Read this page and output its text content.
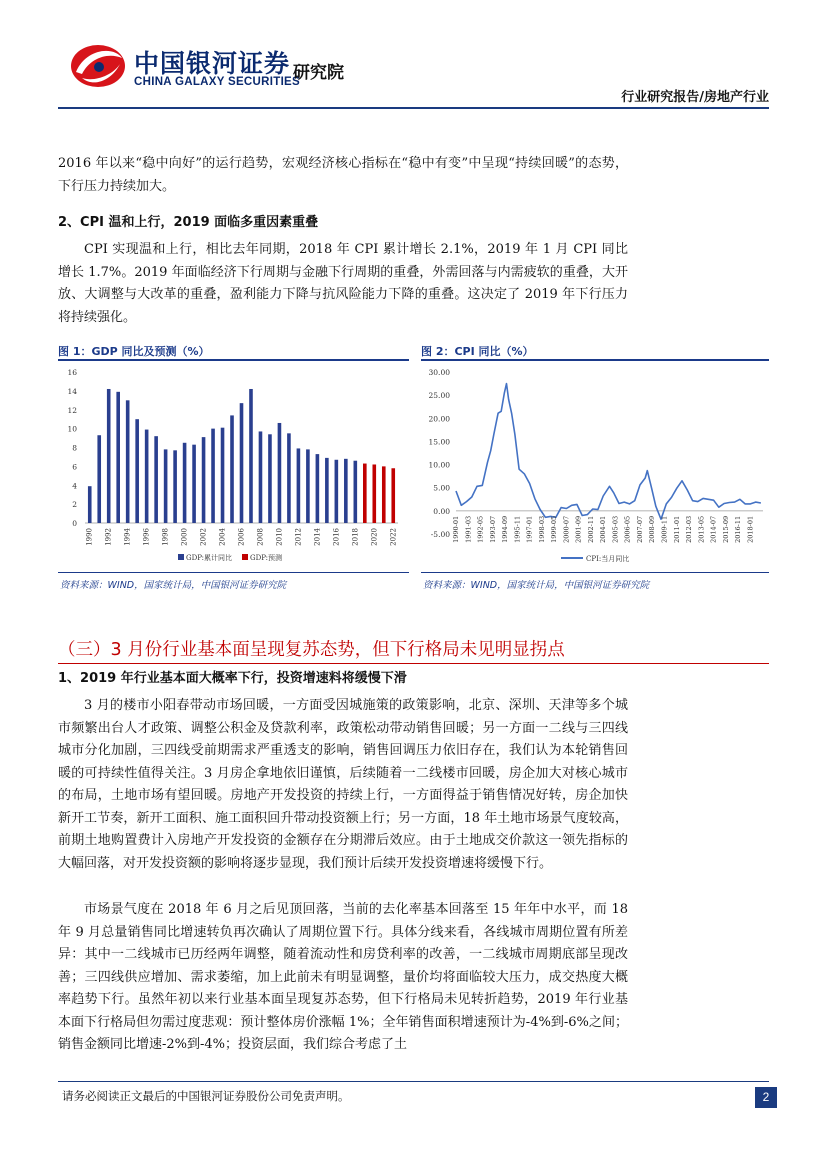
中国银河证券
CHINA GALAXY SECURITIES
研究院
行业研究报告/房地产行业
2016 年以来“稳中向好”的运行趋势，宏观经济核心指标在“稳中有变”中呈现“持续回暖”的态势，下行压力持续加大。
2、CPI 温和上行，2019 面临多重因素重叠
CPI 实现温和上行，相比去年同期，2018 年 CPI 累计增长 2.1%，2019 年 1 月 CPI 同比增长 1.7%。2019 年面临经济下行周期与金融下行周期的重叠，外需回落与内需疲软的重叠，大开放、大调整与大改革的重叠，盈利能力下降与抗风险能力下降的重叠。这决定了 2019 年下行压力将持续强化。
图 1：GDP 同比及预测（%）
0
2
4
6
8
10
12
14
16
1990 1992 1994 1996 1998 2000 2002 2004 2006 2008 2010 2012 2014 2016 2018 2020 2022
GDP:累计同比	GDP:预测
资料来源：WIND，国家统计局，中国银河证券研究院
图 2：CPI 同比（%）
-5.00
0.00
5.00
10.00
15.00
20.00
25.00
30.00
1990-01 1991-03 1992-05 1993-07 1994-09 1995-11 1997-01 1998-03 1999-05 2000-07 2001-09 2002-11 2004-01 2005-03 2006-05 2007-07 2008-09 2009-11 2011-01 2012-03 2013-05 2014-07 2015-09 2016-11 2018-01
CPI:当月同比
资料来源：WIND，国家统计局，中国银河证券研究院
（三）3 月份行业基本面呈现复苏态势，但下行格局未见明显拐点
1、2019 年行业基本面大概率下行，投资增速料将缓慢下滑
3 月的楼市小阳春带动市场回暖，一方面受因城施策的政策影响，北京、深圳、天津等多个城市频繁出台人才政策、调整公积金及贷款利率，政策松动带动销售回暖；另一方面一二线与三四线城市分化加剧，三四线受前期需求严重透支的影响，销售回调压力依旧存在，我们认为本轮销售回暖的可持续性值得关注。3 月房企拿地依旧谨慎，后续随着一二线楼市回暖，房企加大对核心城市的布局，土地市场有望回暖。房地产开发投资的持续上行，一方面得益于销售情况好转，房企加快新开工节奏，新开工面积、施工面积回升带动投资额上行；另一方面，18 年土地市场景气度较高，前期土地购置费计入房地产开发投资的金额存在分期滞后效应。由于土地成交价款这一领先指标的大幅回落，对开发投资额的影响将逐步显现，我们预计后续开发投资增速将缓慢下行。
市场景气度在 2018 年 6 月之后见顶回落，当前的去化率基本回落至 15 年年中水平，而 18 年 9 月总量销售同比增速转负再次确认了周期位置下行。具体分线来看，各线城市周期位置有所差异：其中一二线城市已历经两年调整，随着流动性和房贷利率的改善，一二线城市周期底部呈现改善；三四线供应增加、需求萎缩，加上此前未有明显调整，量价均将面临较大压力，成交热度大概率趋势下行。虽然年初以来行业基本面呈现复苏态势，但下行格局未见转折趋势，2019 年行业基本面下行格局但勿需过度悲观：预计整体房价涨幅 1%；全年销售面积增速预计为-4%到-6%之间；销售金额同比增速-2%到-4%；投资层面，我们综合考虑了土
请务必阅读正文最后的中国银河证券股份公司免责声明。	2
